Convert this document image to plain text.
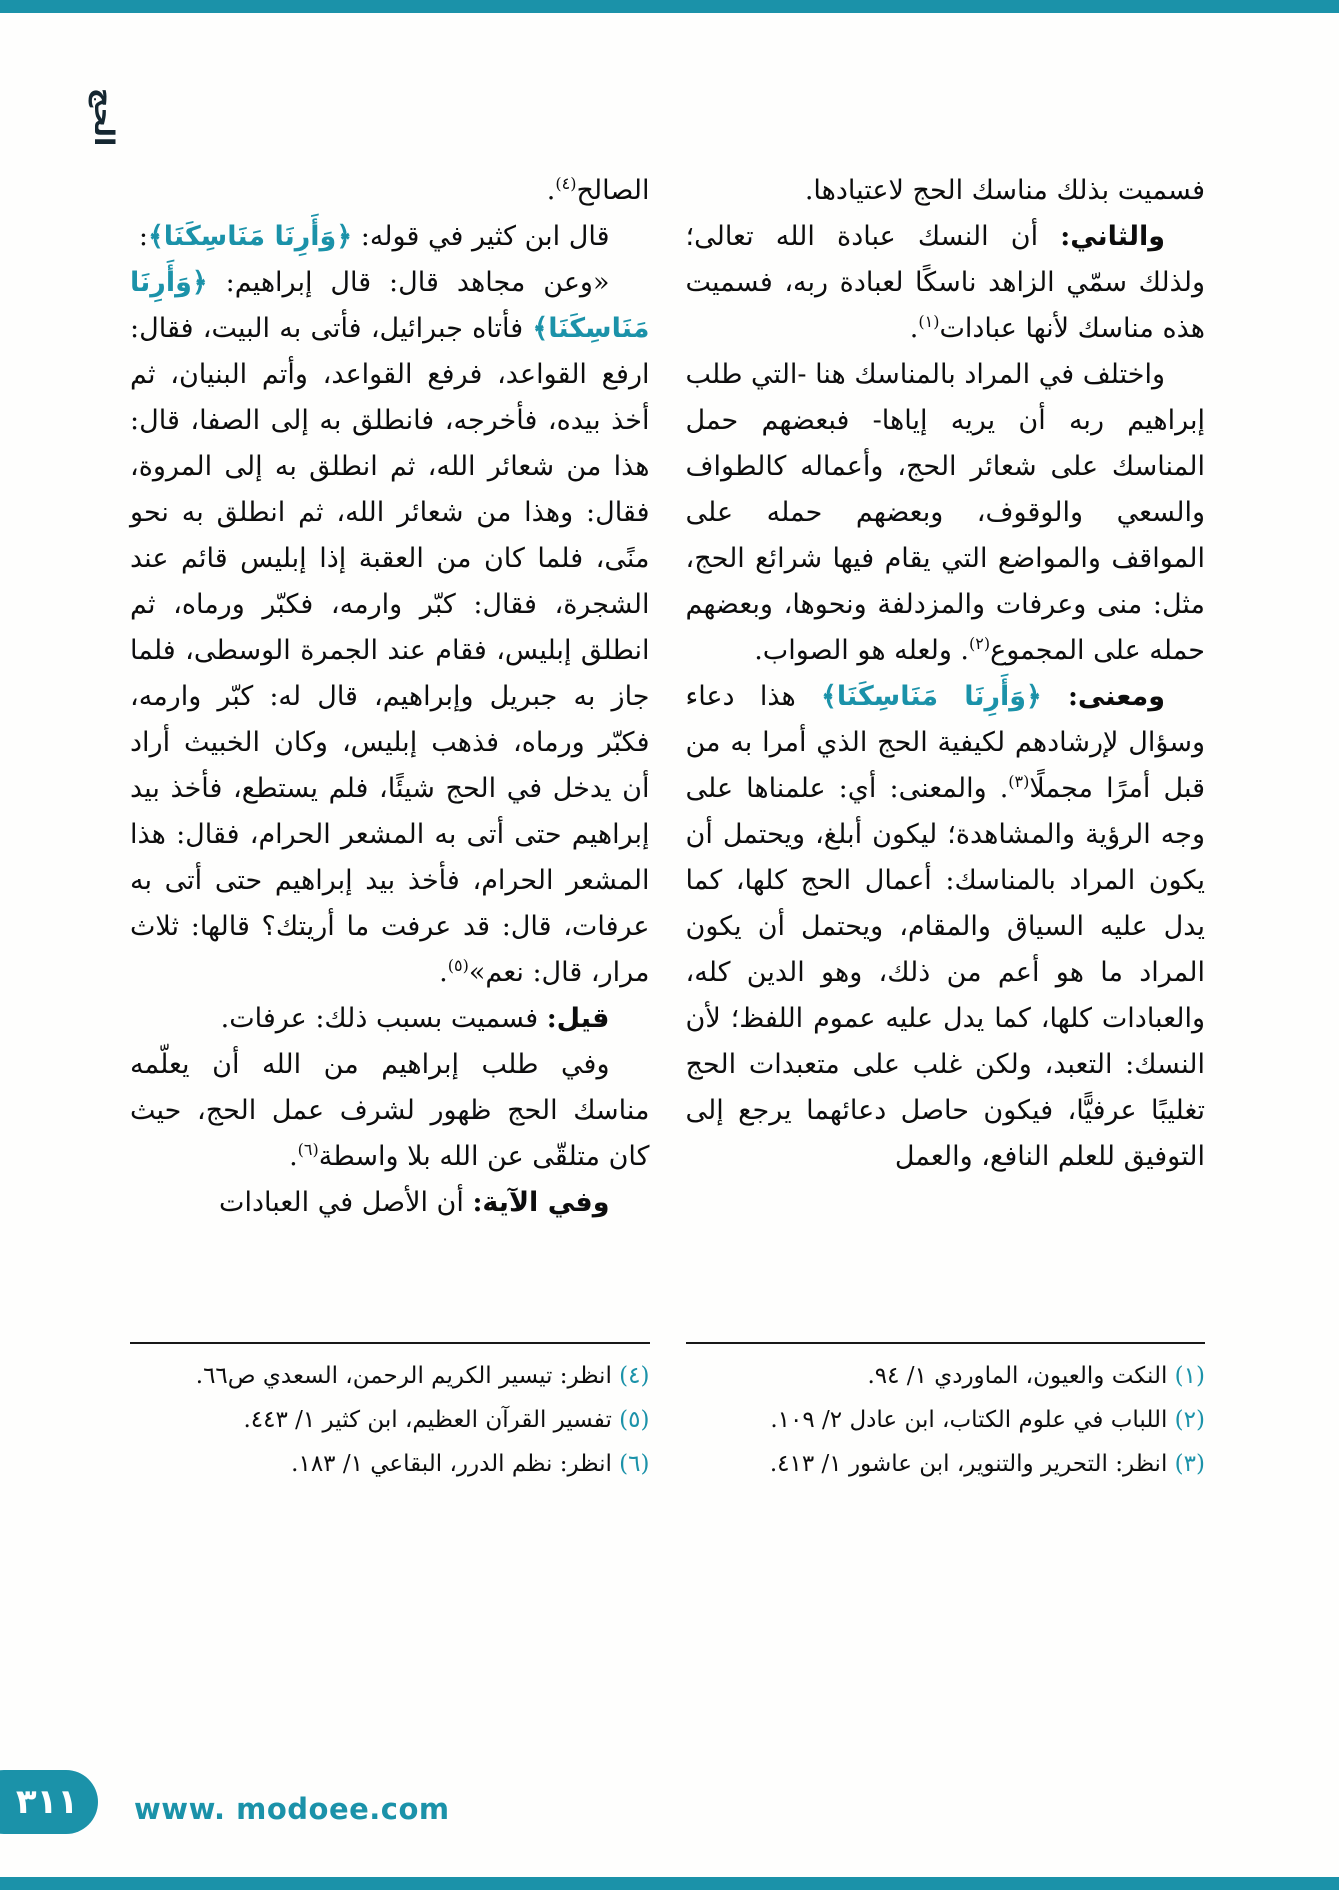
الحج

فسميت بذلك مناسك الحج لاعتيادها.

والثاني: أن النسك عبادة الله تعالى؛ ولذلك سمّي الزاهد ناسكًا لعبادة ربه، فسميت هذه مناسك لأنها عبادات$^{(١)}$.

واختلف في المراد بالمناسك هنا -التي طلب إبراهيم ربه أن يريه إياها- فبعضهم حمل المناسك على شعائر الحج، وأعماله كالطواف والسعي والوقوف، وبعضهم حمله على المواقف والمواضع التي يقام فيها شرائع الحج، مثل: منى وعرفات والمزدلفة ونحوها، وبعضهم حمله على المجموع$^{(٢)}$. ولعله هو الصواب.

ومعنى: ﴿وَأَرِنَا مَنَاسِكَنَا﴾ هذا دعاء وسؤال لإرشادهم لكيفية الحج الذي أمرا به من قبل أمرًا مجملًا$^{(٣)}$. والمعنى: أي: علمناها على وجه الرؤية والمشاهدة؛ ليكون أبلغ، ويحتمل أن يكون المراد بالمناسك: أعمال الحج كلها، كما يدل عليه السياق والمقام، ويحتمل أن يكون المراد ما هو أعم من ذلك، وهو الدين كله، والعبادات كلها، كما يدل عليه عموم اللفظ؛ لأن النسك: التعبد، ولكن غلب على متعبدات الحج تغليبًا عرفيًّا، فيكون حاصل دعائهما يرجع إلى التوفيق للعلم النافع، والعمل

(١) النكت والعيون، الماوردي ١/ ٩٤.
(٢) اللباب في علوم الكتاب، ابن عادل ٢/ ١٠٩.
(٣) انظر: التحرير والتنوير، ابن عاشور ١/ ٤١٣.

الصالح$^{(٤)}$.

قال ابن كثير في قوله: ﴿وَأَرِنَا مَنَاسِكَنَا﴾:

«وعن مجاهد قال: قال إبراهيم: ﴿وَأَرِنَا مَنَاسِكَنَا﴾ فأتاه جبرائيل، فأتى به البيت، فقال: ارفع القواعد، فرفع القواعد، وأتم البنيان، ثم أخذ بيده، فأخرجه، فانطلق به إلى الصفا، قال: هذا من شعائر الله، ثم انطلق به إلى المروة، فقال: وهذا من شعائر الله، ثم انطلق به نحو منًى، فلما كان من العقبة إذا إبليس قائم عند الشجرة، فقال: كبّر وارمه، فكبّر ورماه، ثم انطلق إبليس، فقام عند الجمرة الوسطى، فلما جاز به جبريل وإبراهيم، قال له: كبّر وارمه، فكبّر ورماه، فذهب إبليس، وكان الخبيث أراد أن يدخل في الحج شيئًا، فلم يستطع، فأخذ بيد إبراهيم حتى أتى به المشعر الحرام، فقال: هذا المشعر الحرام، فأخذ بيد إبراهيم حتى أتى به عرفات، قال: قد عرفت ما أريتك؟ قالها: ثلاث مرار، قال: نعم»$^{(٥)}$.

قيل: فسميت بسبب ذلك: عرفات.

وفي طلب إبراهيم من الله أن يعلّمه مناسك الحج ظهور لشرف عمل الحج، حيث كان متلقّى عن الله بلا واسطة$^{(٦)}$.

وفي الآية: أن الأصل في العبادات

(٤) انظر: تيسير الكريم الرحمن، السعدي ص٦٦.
(٥) تفسير القرآن العظيم، ابن كثير ١/ ٤٤٣.
(٦) انظر: نظم الدرر، البقاعي ١/ ١٨٣.
٣١١ www. modoee.com
